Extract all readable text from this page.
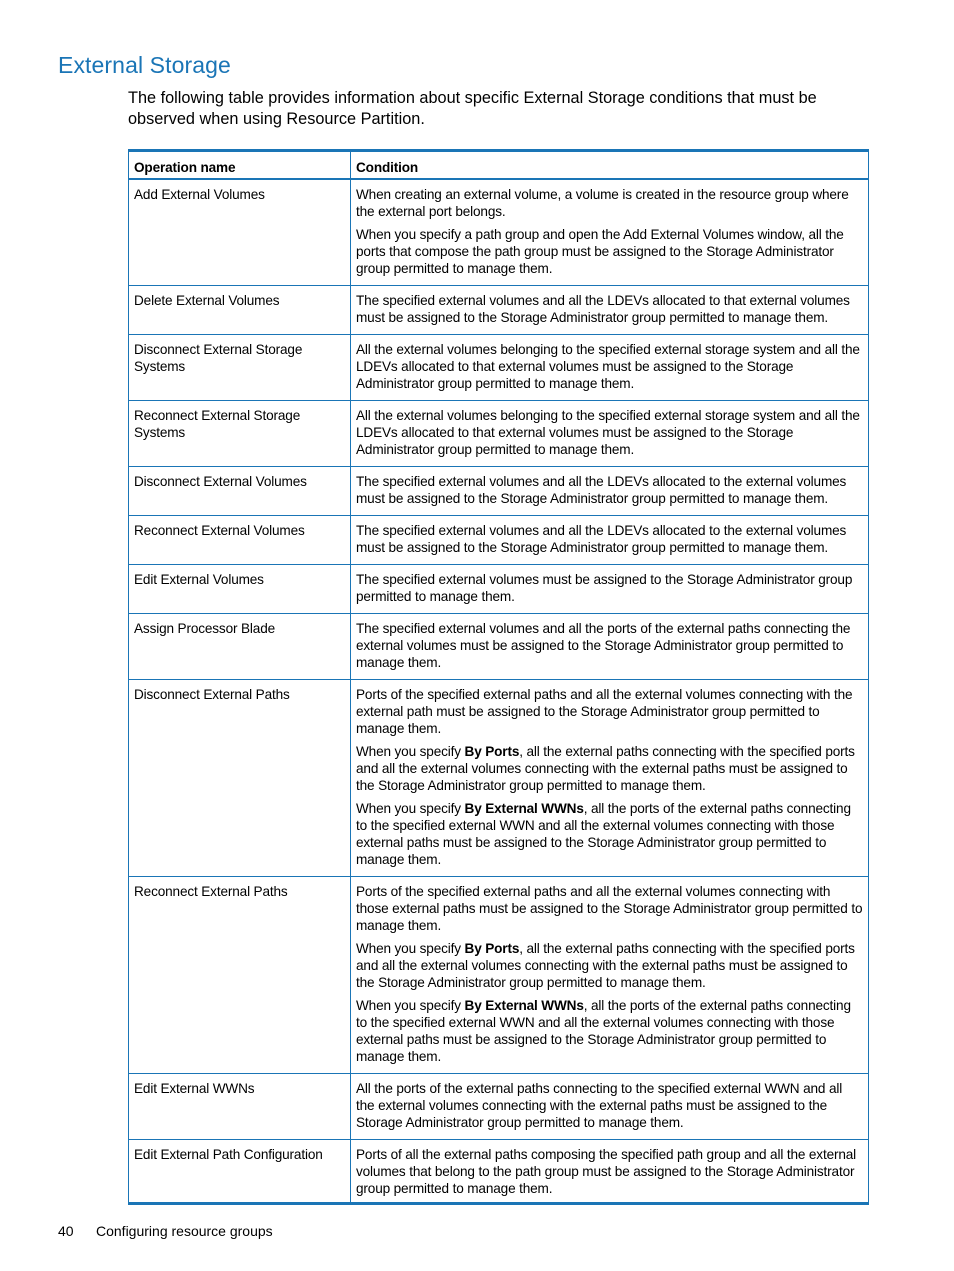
External Storage

The following table provides information about specific External Storage conditions that must be observed when using Resource Partition.

Operation name	Condition
Add External Volumes	When creating an external volume, a volume is created in the resource group where the external port belongs.

When you specify a path group and open the Add External Volumes window, all the ports that compose the path group must be assigned to the Storage Administrator group permitted to manage them.

Delete External Volumes	The specified external volumes and all the LDEVs allocated to that external volumes must be assigned to the Storage Administrator group permitted to manage them.

Disconnect External Storage Systems	All the external volumes belonging to the specified external storage system and all the LDEVs allocated to that external volumes must be assigned to the Storage Administrator group permitted to manage them.

Reconnect External Storage Systems	All the external volumes belonging to the specified external storage system and all the LDEVs allocated to that external volumes must be assigned to the Storage Administrator group permitted to manage them.

Disconnect External Volumes	The specified external volumes and all the LDEVs allocated to the external volumes must be assigned to the Storage Administrator group permitted to manage them.

Reconnect External Volumes	The specified external volumes and all the LDEVs allocated to the external volumes must be assigned to the Storage Administrator group permitted to manage them.

Edit External Volumes	The specified external volumes must be assigned to the Storage Administrator group permitted to manage them.

Assign Processor Blade	The specified external volumes and all the ports of the external paths connecting the external volumes must be assigned to the Storage Administrator group permitted to manage them.

Disconnect External Paths	Ports of the specified external paths and all the external volumes connecting with the external path must be assigned to the Storage Administrator group permitted to manage them.

When you specify By Ports, all the external paths connecting with the specified ports and all the external volumes connecting with the external paths must be assigned to the Storage Administrator group permitted to manage them.

When you specify By External WWNs, all the ports of the external paths connecting to the specified external WWN and all the external volumes connecting with those external paths must be assigned to the Storage Administrator group permitted to manage them.

Reconnect External Paths	Ports of the specified external paths and all the external volumes connecting with those external paths must be assigned to the Storage Administrator group permitted to manage them.

When you specify By Ports, all the external paths connecting with the specified ports and all the external volumes connecting with the external paths must be assigned to the Storage Administrator group permitted to manage them.

When you specify By External WWNs, all the ports of the external paths connecting to the specified external WWN and all the external volumes connecting with those external paths must be assigned to the Storage Administrator group permitted to manage them.

Edit External WWNs	All the ports of the external paths connecting to the specified external WWN and all the external volumes connecting with the external paths must be assigned to the Storage Administrator group permitted to manage them.

Edit External Path Configuration	Ports of all the external paths composing the specified path group and all the external volumes that belong to the path group must be assigned to the Storage Administrator group permitted to manage them.

40 Configuring resource groups
